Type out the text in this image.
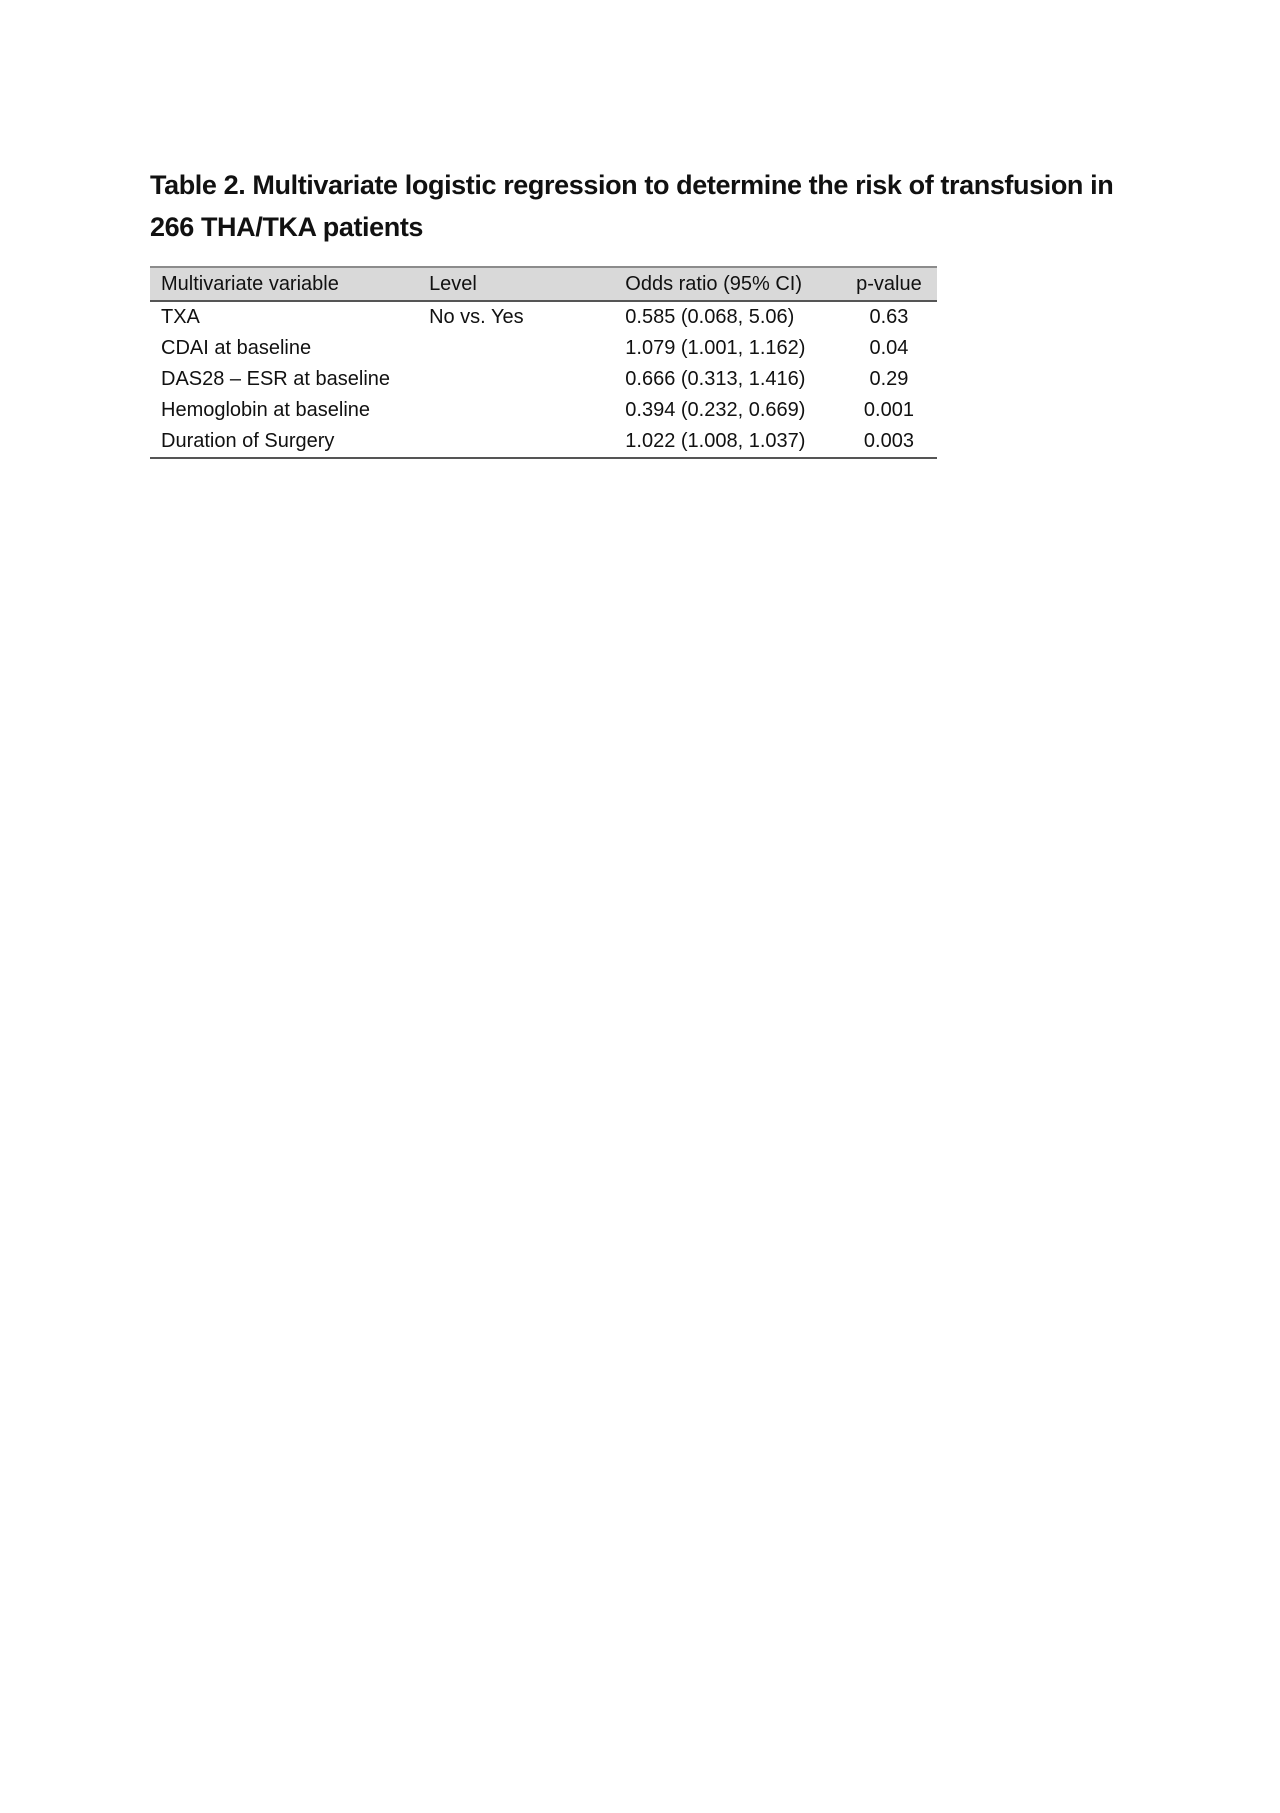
Table 2. Multivariate logistic regression to determine the risk of transfusion in
266 THA/TKA patients
Multivariate variable	Level	Odds ratio (95% CI)	p-value
TXA	No vs. Yes	0.585 (0.068, 5.06)	0.63
CDAI at baseline		1.079 (1.001, 1.162)	0.04
DAS28 – ESR at baseline		0.666 (0.313, 1.416)	0.29
Hemoglobin at baseline		0.394 (0.232, 0.669)	0.001
Duration of Surgery		1.022 (1.008, 1.037)	0.003
